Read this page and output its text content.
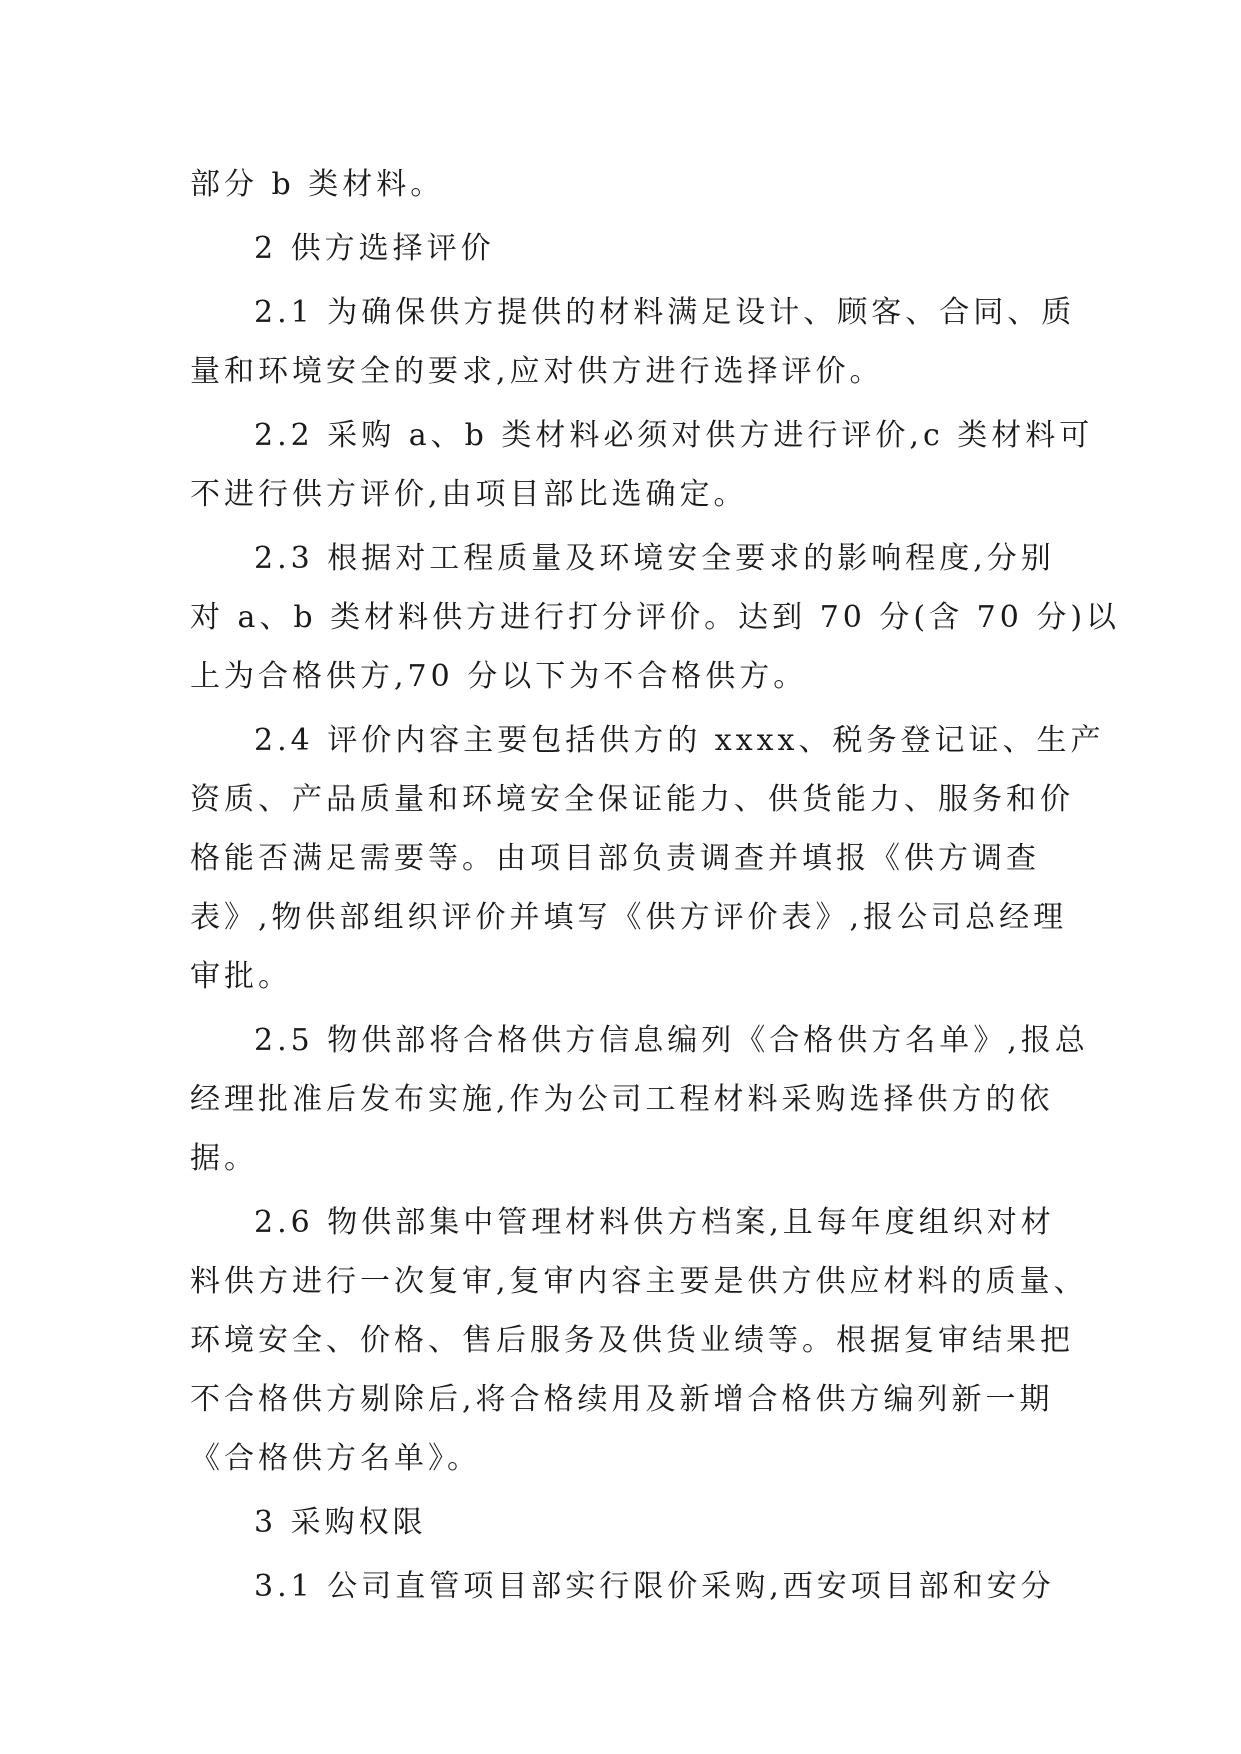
部分 b 类材料。
2 供方选择评价
2.1 为确保供方提供的材料满足设计、顾客、合同、质
量和环境安全的要求,应对供方进行选择评价。
2.2 采购 a、b 类材料必须对供方进行评价,c 类材料可
不进行供方评价,由项目部比选确定。
2.3 根据对工程质量及环境安全要求的影响程度,分别
对 a、b 类材料供方进行打分评价。达到 70 分(含 70 分)以
上为合格供方,70 分以下为不合格供方。
2.4 评价内容主要包括供方的 xxxx、税务登记证、生产
资质、产品质量和环境安全保证能力、供货能力、服务和价
格能否满足需要等。由项目部负责调查并填报《供方调查
表》,物供部组织评价并填写《供方评价表》,报公司总经理
审批。
2.5 物供部将合格供方信息编列《合格供方名单》,报总
经理批准后发布实施,作为公司工程材料采购选择供方的依
据。
2.6 物供部集中管理材料供方档案,且每年度组织对材
料供方进行一次复审,复审内容主要是供方供应材料的质量、
环境安全、价格、售后服务及供货业绩等。根据复审结果把
不合格供方剔除后,将合格续用及新增合格供方编列新一期
《合格供方名单》。
3 采购权限
3.1 公司直管项目部实行限价采购,西安项目部和安分
